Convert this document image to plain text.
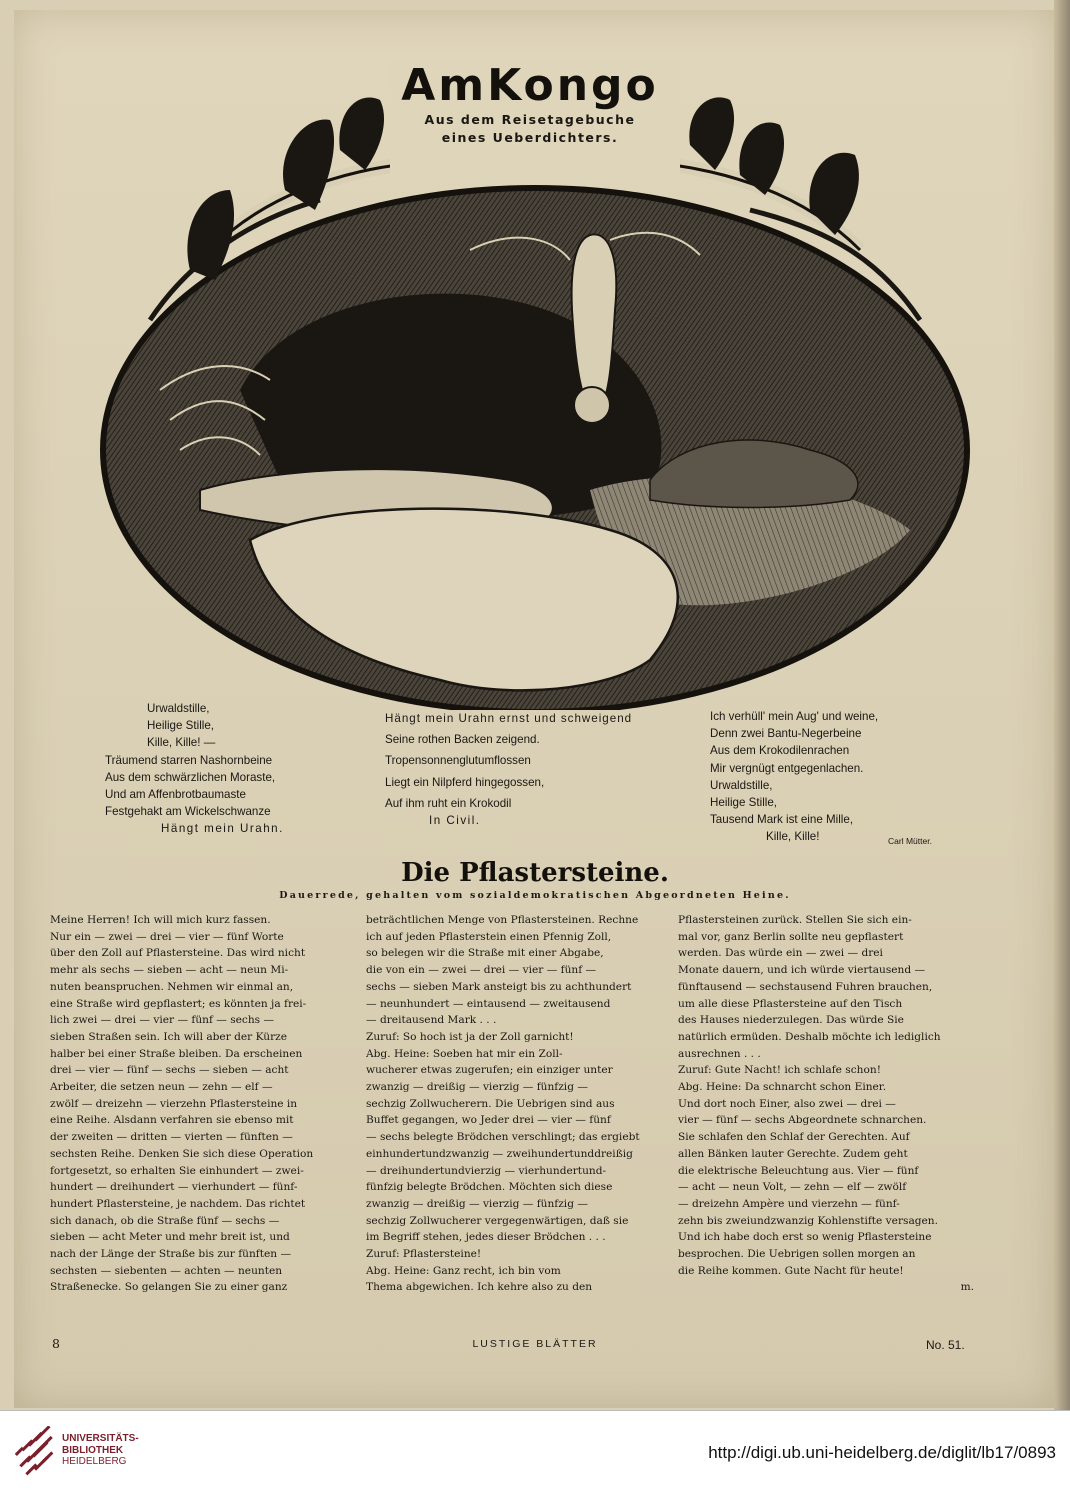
AmKongo
Aus dem Reisetagebuche
eines Ueberdichters.
Urwaldstille,
Heilige Stille,
Kille, Kille! —
Träumend starren Nashornbeine
Aus dem schwärzlichen Moraste,
Und am Affenbrotbaumaste
Festgehakt am Wickelschwanze
Hängt mein Urahn.
Hängt mein Urahn ernst und schweigend
Seine rothen Backen zeigend.
Tropensonnenglutumflossen
Liegt ein Nilpferd hingegossen,
Auf ihm ruht ein Krokodil
In Civil.
Ich verhüll' mein Aug' und weine,
Denn zwei Bantu-Negerbeine
Aus dem Krokodilenrachen
Mir vergnügt entgegenlachen.
Urwaldstille,
Heilige Stille,
Tausend Mark ist eine Mille,
Kille, Kille!	Carl Mütter.
Die Pflastersteine.
Dauerrede, gehalten vom sozialdemokratischen Abgeordneten Heine.
Meine Herren! Ich will mich kurz fassen.
Nur ein — zwei — drei — vier — fünf Worte
über den Zoll auf Pflastersteine. Das wird nicht
mehr als sechs — sieben — acht — neun Mi-
nuten beanspruchen. Nehmen wir einmal an,
eine Straße wird gepflastert; es könnten ja frei-
lich zwei — drei — vier — fünf — sechs —
sieben Straßen sein. Ich will aber der Kürze
halber bei einer Straße bleiben. Da erscheinen
drei — vier — fünf — sechs — sieben — acht
Arbeiter, die setzen neun — zehn — elf —
zwölf — dreizehn — vierzehn Pflastersteine in
eine Reihe. Alsdann verfahren sie ebenso mit
der zweiten — dritten — vierten — fünften —
sechsten Reihe. Denken Sie sich diese Operation
fortgesetzt, so erhalten Sie einhundert — zwei-
hundert — dreihundert — vierhundert — fünf-
hundert Pflastersteine, je nachdem. Das richtet
sich danach, ob die Straße fünf — sechs —
sieben — acht Meter und mehr breit ist, und
nach der Länge der Straße bis zur fünften —
sechsten — siebenten — achten — neunten
Straßenecke. So gelangen Sie zu einer ganz
beträchtlichen Menge von Pflastersteinen. Rechne
ich auf jeden Pflasterstein einen Pfennig Zoll,
so belegen wir die Straße mit einer Abgabe,
die von ein — zwei — drei — vier — fünf —
sechs — sieben Mark ansteigt bis zu achthundert
— neunhundert — eintausend — zweitausend
— dreitausend Mark . . .
Zuruf: So hoch ist ja der Zoll garnicht!
Abg. Heine: Soeben hat mir ein Zoll-
wucherer etwas zugerufen; ein einziger unter
zwanzig — dreißig — vierzig — fünfzig —
sechzig Zollwucherern. Die Uebrigen sind aus
Buffet gegangen, wo Jeder drei — vier — fünf
— sechs belegte Brödchen verschlingt; das ergiebt
einhundertundzwanzig — zweihundertunddreißig
— dreihundertundvierzig — vierhundertund-
fünfzig belegte Brödchen. Möchten sich diese
zwanzig — dreißig — vierzig — fünfzig —
sechzig Zollwucherer vergegenwärtigen, daß sie
im Begriff stehen, jedes dieser Brödchen . . .
Zuruf: Pflastersteine!
Abg. Heine: Ganz recht, ich bin vom
Thema abgewichen. Ich kehre also zu den
Pflastersteinen zurück. Stellen Sie sich ein-
mal vor, ganz Berlin sollte neu gepflastert
werden. Das würde ein — zwei — drei
Monate dauern, und ich würde viertausend —
fünftausend — sechstausend Fuhren brauchen,
um alle diese Pflastersteine auf den Tisch
des Hauses niederzulegen. Das würde Sie
natürlich ermüden. Deshalb möchte ich lediglich
ausrechnen . . .
Zuruf: Gute Nacht! ich schlafe schon!
Abg. Heine: Da schnarcht schon Einer.
Und dort noch Einer, also zwei — drei —
vier — fünf — sechs Abgeordnete schnarchen.
Sie schlafen den Schlaf der Gerechten. Auf
allen Bänken lauter Gerechte. Zudem geht
die elektrische Beleuchtung aus. Vier — fünf
— acht — neun Volt, — zehn — elf — zwölf
— dreizehn Ampère und vierzehn — fünf-
zehn bis zweiundzwanzig Kohlenstifte versagen.
Und ich habe doch erst so wenig Pflastersteine
besprochen. Die Uebrigen sollen morgen an
die Reihe kommen. Gute Nacht für heute!
m.
8	LUSTIGE BLÄTTER	No. 51.
UNIVERSITÄTS-
BIBLIOTHEK
HEIDELBERG	http://digi.ub.uni-heidelberg.de/diglit/lb17/0893
